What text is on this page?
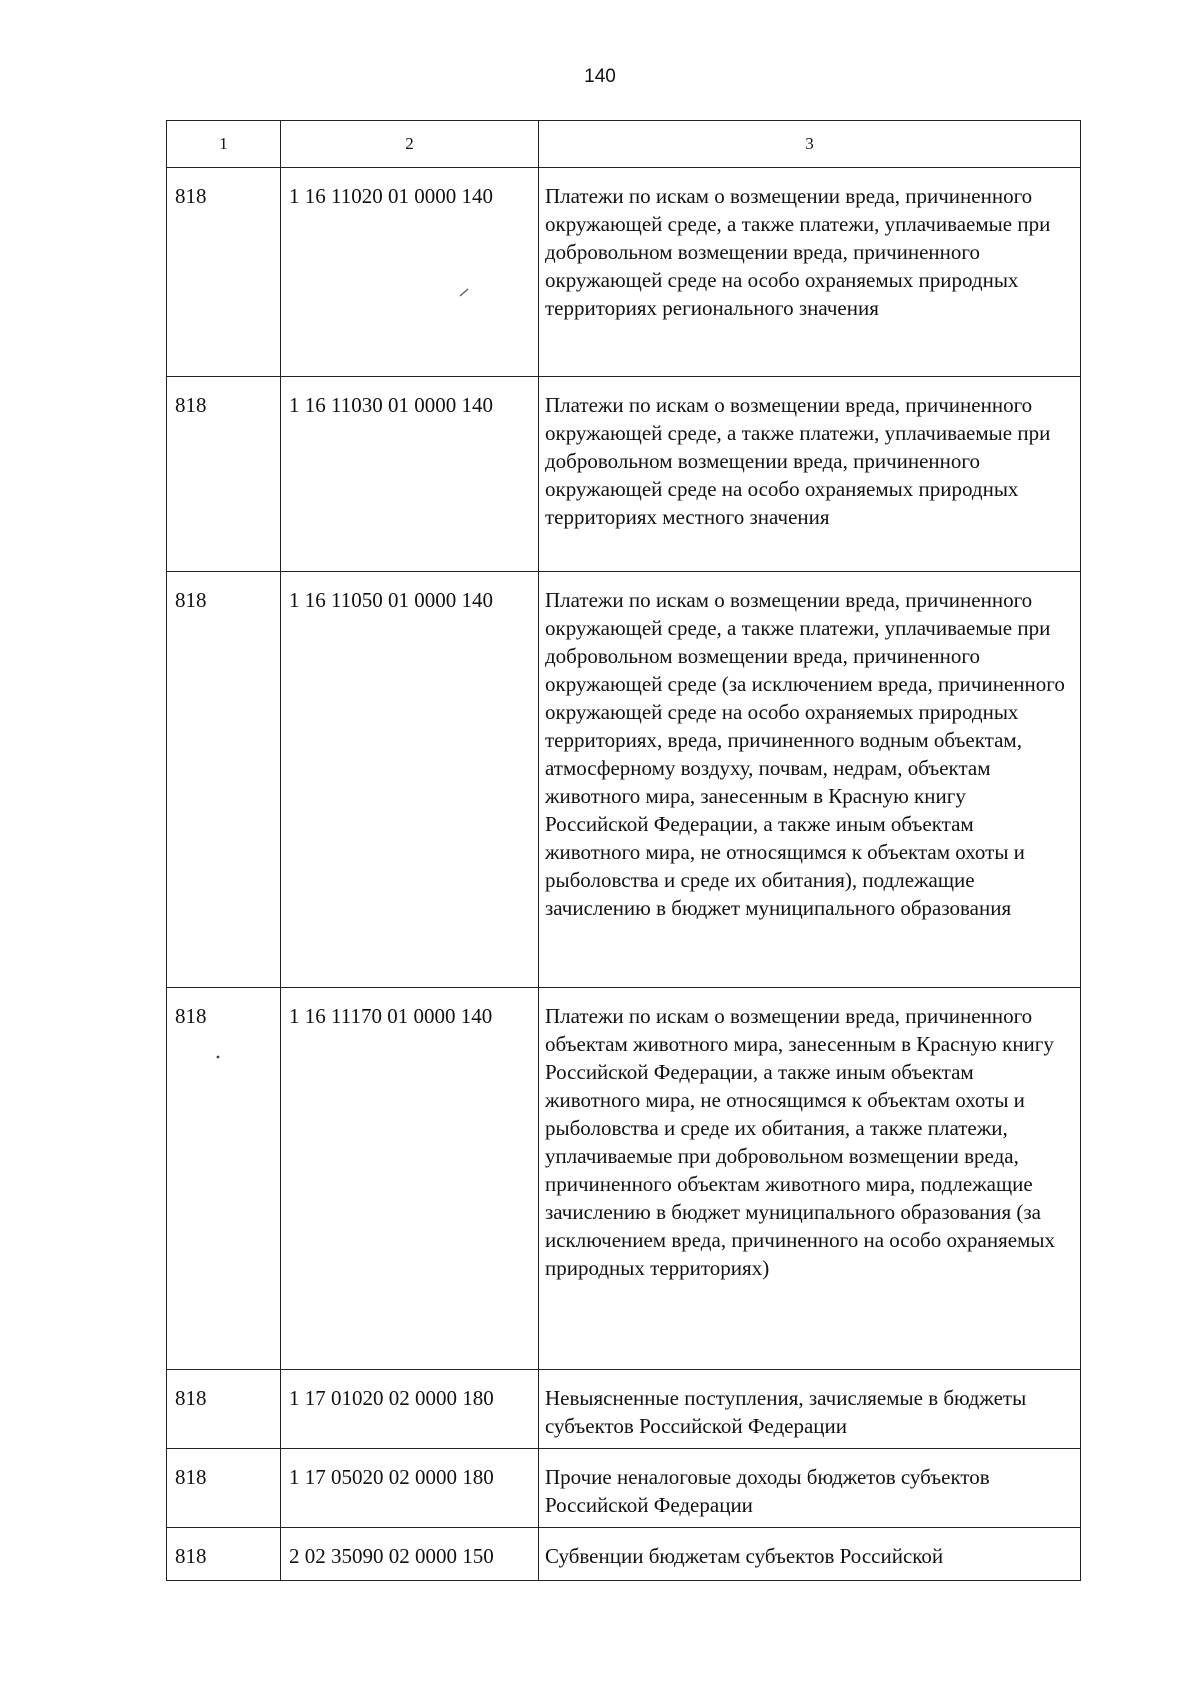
140
1	2	3
818	1 16 11020 01 0000 140	Платежи по искам о возмещении вреда, причиненного окружающей среде, а также платежи, уплачиваемые при добровольном возмещении вреда, причиненного окружающей среде на особо охраняемых природных территориях регионального значения
818	1 16 11030 01 0000 140	Платежи по искам о возмещении вреда, причиненного окружающей среде, а также платежи, уплачиваемые при добровольном возмещении вреда, причиненного окружающей среде на особо охраняемых природных территориях местного значения
818	1 16 11050 01 0000 140	Платежи по искам о возмещении вреда, причиненного окружающей среде, а также платежи, уплачиваемые при добровольном возмещении вреда, причиненного окружающей среде (за исключением вреда, причиненного окружающей среде на особо охраняемых природных территориях, вреда, причиненного водным объектам, атмосферному воздуху, почвам, недрам, объектам животного мира, занесенным в Красную книгу Российской Федерации, а также иным объектам животного мира, не относящимся к объектам охоты и рыболовства и среде их обитания), подлежащие зачислению в бюджет муниципального образования
818	1 16 11170 01 0000 140	Платежи по искам о возмещении вреда, причиненного объектам животного мира, занесенным в Красную книгу Российской Федерации, а также иным объектам животного мира, не относящимся к объектам охоты и рыболовства и среде их обитания, а также платежи, уплачиваемые при добровольном возмещении вреда, причиненного объектам животного мира, подлежащие зачислению в бюджет муниципального образования (за исключением вреда, причиненного на особо охраняемых природных территориях)
818	1 17 01020 02 0000 180	Невыясненные поступления, зачисляемые в бюджеты субъектов Российской Федерации
818	1 17 05020 02 0000 180	Прочие неналоговые доходы бюджетов субъектов Российской Федерации
818	2 02 35090 02 0000 150	Субвенции бюджетам субъектов Российской
